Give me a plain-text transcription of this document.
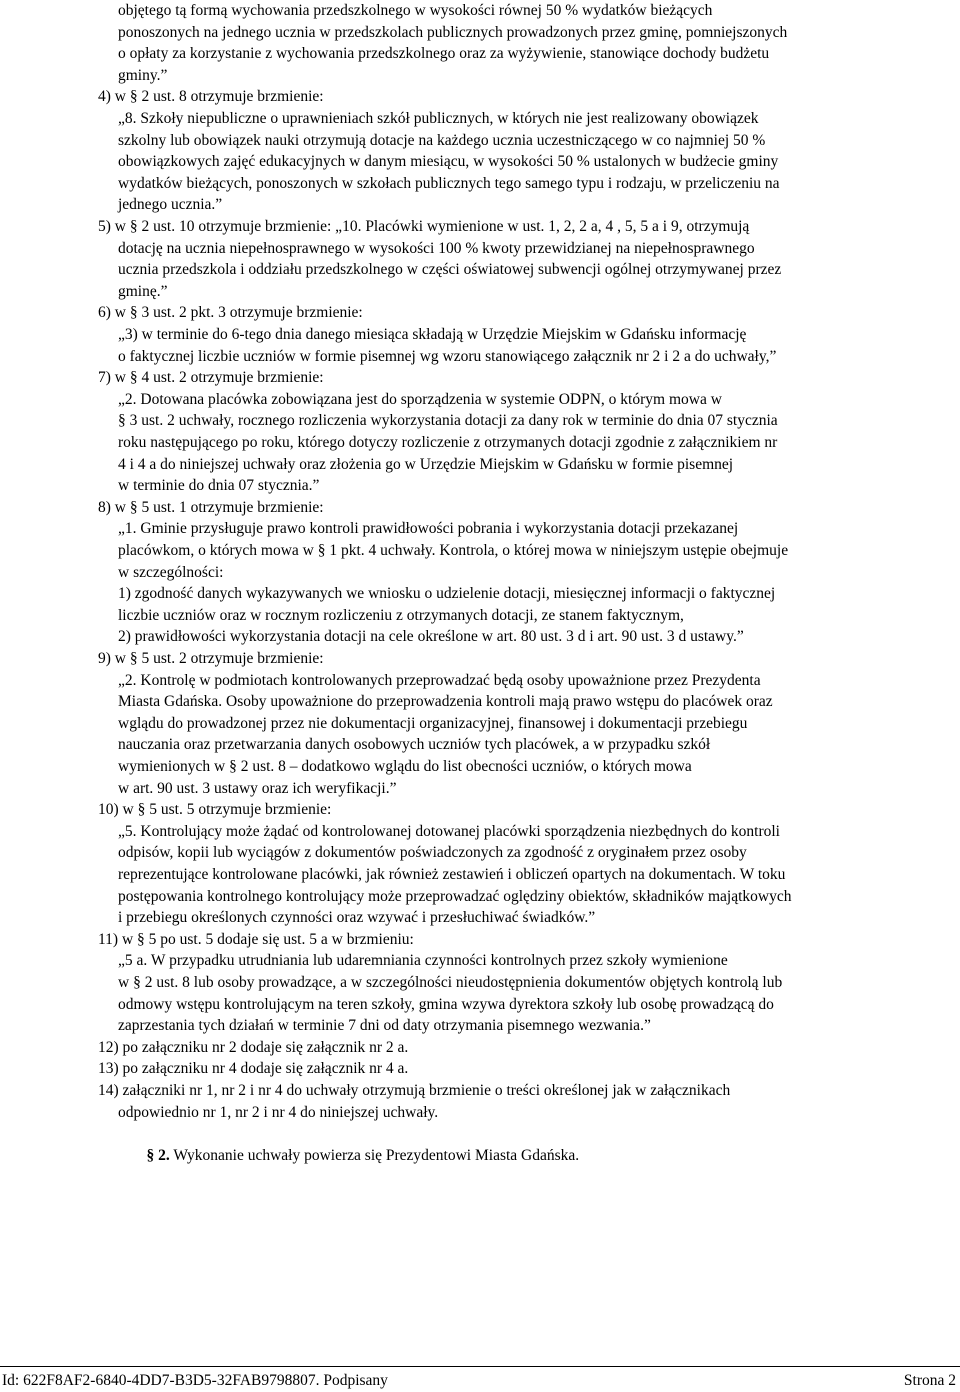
objętego tą formą wychowania przedszkolnego w wysokości równej 50 % wydatków bieżących
ponoszonych na jednego ucznia w przedszkolach publicznych prowadzonych przez gminę, pomniejszonych
o opłaty za korzystanie z wychowania przedszkolnego oraz za wyżywienie, stanowiące dochody budżetu
gminy.”
4) w § 2 ust. 8 otrzymuje brzmienie:
„8. Szkoły niepubliczne o uprawnieniach szkół publicznych, w których nie jest realizowany obowiązek
szkolny lub obowiązek nauki otrzymują dotacje na każdego ucznia uczestniczącego w co najmniej 50 %
obowiązkowych zajęć edukacyjnych w danym miesiącu, w wysokości 50 % ustalonych w budżecie gminy
wydatków bieżących, ponoszonych w szkołach publicznych tego samego typu i rodzaju, w przeliczeniu na
jednego ucznia.”
5) w § 2 ust. 10 otrzymuje brzmienie: „10. Placówki wymienione w ust. 1, 2, 2 a, 4 , 5, 5 a i 9, otrzymują
dotację na ucznia niepełnosprawnego w wysokości 100 % kwoty przewidzianej na niepełnosprawnego
ucznia przedszkola i oddziału przedszkolnego w części oświatowej subwencji ogólnej otrzymywanej przez
gminę.”
6) w § 3 ust. 2 pkt. 3 otrzymuje brzmienie:
„3) w terminie do 6-tego dnia danego miesiąca składają w Urzędzie Miejskim w Gdańsku informację
o faktycznej liczbie uczniów w formie pisemnej wg wzoru stanowiącego załącznik nr 2 i 2 a do uchwały,”
7) w § 4 ust. 2 otrzymuje brzmienie:
„2. Dotowana placówka zobowiązana jest do sporządzenia w systemie ODPN, o którym mowa w
§ 3 ust. 2 uchwały, rocznego rozliczenia wykorzystania dotacji za dany rok w terminie do dnia 07 stycznia
roku następującego po roku, którego dotyczy rozliczenie z otrzymanych dotacji zgodnie z załącznikiem nr
4 i 4 a do niniejszej uchwały oraz złożenia go w Urzędzie Miejskim w Gdańsku w formie pisemnej
w terminie do dnia 07 stycznia.”
8) w § 5 ust. 1 otrzymuje brzmienie:
„1. Gminie przysługuje prawo kontroli prawidłowości pobrania i wykorzystania dotacji przekazanej
placówkom, o których mowa w § 1 pkt. 4 uchwały. Kontrola, o której mowa w niniejszym ustępie obejmuje
w szczególności:
1) zgodność danych wykazywanych we wniosku o udzielenie dotacji, miesięcznej informacji o faktycznej
liczbie uczniów oraz w rocznym rozliczeniu z otrzymanych dotacji, ze stanem faktycznym,
2) prawidłowości wykorzystania dotacji na cele określone w art. 80 ust. 3 d i art. 90 ust. 3 d ustawy.”
9) w § 5 ust. 2 otrzymuje brzmienie:
„2. Kontrolę w podmiotach kontrolowanych przeprowadzać będą osoby upoważnione przez Prezydenta
Miasta Gdańska. Osoby upoważnione do przeprowadzenia kontroli mają prawo wstępu do placówek oraz
wglądu do prowadzonej przez nie dokumentacji organizacyjnej, finansowej i dokumentacji przebiegu
nauczania oraz przetwarzania danych osobowych uczniów tych placówek, a w przypadku szkół
wymienionych w § 2 ust. 8 – dodatkowo wglądu do list obecności uczniów, o których mowa
w art. 90 ust. 3 ustawy oraz ich weryfikacji.”
10) w § 5 ust. 5 otrzymuje brzmienie:
„5. Kontrolujący może żądać od kontrolowanej dotowanej placówki sporządzenia niezbędnych do kontroli
odpisów, kopii lub wyciągów z dokumentów poświadczonych za zgodność z oryginałem przez osoby
reprezentujące kontrolowane placówki, jak również zestawień i obliczeń opartych na dokumentach. W toku
postępowania kontrolnego kontrolujący może przeprowadzać oględziny obiektów, składników majątkowych
i przebiegu określonych czynności oraz wzywać i przesłuchiwać świadków.”
11) w § 5 po ust. 5 dodaje się ust. 5 a w brzmieniu:
„5 a. W przypadku utrudniania lub udaremniania czynności kontrolnych przez szkoły wymienione
w § 2 ust. 8 lub osoby prowadzące, a w szczególności nieudostępnienia dokumentów objętych kontrolą lub
odmowy wstępu kontrolującym na teren szkoły, gmina wzywa dyrektora szkoły lub osobę prowadzącą do
zaprzestania tych działań w terminie 7 dni od daty otrzymania pisemnego wezwania.”
12) po załączniku nr 2 dodaje się załącznik nr 2 a.
13) po załączniku nr 4 dodaje się załącznik nr 4 a.
14) załączniki nr 1, nr 2 i nr 4 do uchwały otrzymują brzmienie o treści określonej jak w załącznikach
odpowiednio nr 1, nr 2 i nr 4 do niniejszej uchwały.

§ 2. Wykonanie uchwały powierza się Prezydentowi Miasta Gdańska.

Id: 622F8AF2-6840-4DD7-B3D5-32FAB9798807. Podpisany	Strona 2
